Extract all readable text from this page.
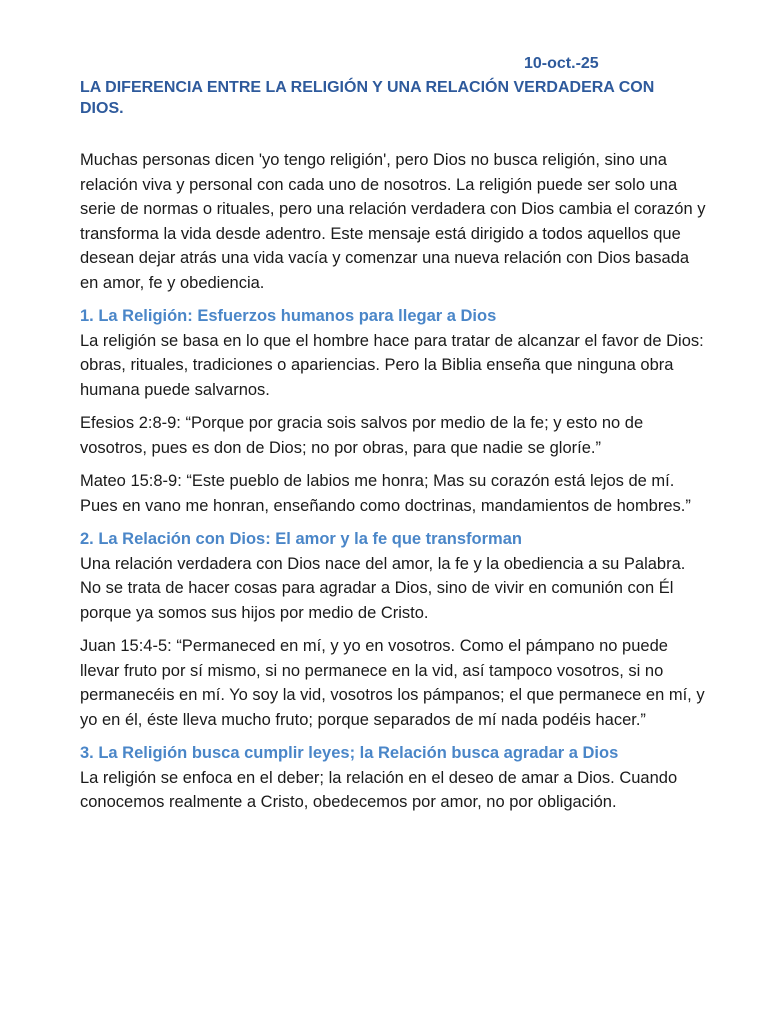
10-oct.-25
LA DIFERENCIA ENTRE LA RELIGIÓN Y UNA RELACIÓN VERDADERA CON DIOS.

Muchas personas dicen 'yo tengo religión', pero Dios no busca religión, sino una relación viva y personal con cada uno de nosotros. La religión puede ser solo una serie de normas o rituales, pero una relación verdadera con Dios cambia el corazón y transforma la vida desde adentro. Este mensaje está dirigido a todos aquellos que desean dejar atrás una vida vacía y comenzar una nueva relación con Dios basada en amor, fe y obediencia.

1. La Religión: Esfuerzos humanos para llegar a Dios

La religión se basa en lo que el hombre hace para tratar de alcanzar el favor de Dios: obras, rituales, tradiciones o apariencias. Pero la Biblia enseña que ninguna obra humana puede salvarnos.

Efesios 2:8-9: “Porque por gracia sois salvos por medio de la fe; y esto no de vosotros, pues es don de Dios; no por obras, para que nadie se gloríe.”

Mateo 15:8-9: “Este pueblo de labios me honra; Mas su corazón está lejos de mí. Pues en vano me honran, enseñando como doctrinas, mandamientos de hombres.”

2. La Relación con Dios: El amor y la fe que transforman

Una relación verdadera con Dios nace del amor, la fe y la obediencia a su Palabra. No se trata de hacer cosas para agradar a Dios, sino de vivir en comunión con Él porque ya somos sus hijos por medio de Cristo.

Juan 15:4-5: “Permaneced en mí, y yo en vosotros. Como el pámpano no puede llevar fruto por sí mismo, si no permanece en la vid, así tampoco vosotros, si no permanecéis en mí. Yo soy la vid, vosotros los pámpanos; el que permanece en mí, y yo en él, éste lleva mucho fruto; porque separados de mí nada podéis hacer.”

3. La Religión busca cumplir leyes; la Relación busca agradar a Dios

La religión se enfoca en el deber; la relación en el deseo de amar a Dios. Cuando conocemos realmente a Cristo, obedecemos por amor, no por obligación.
